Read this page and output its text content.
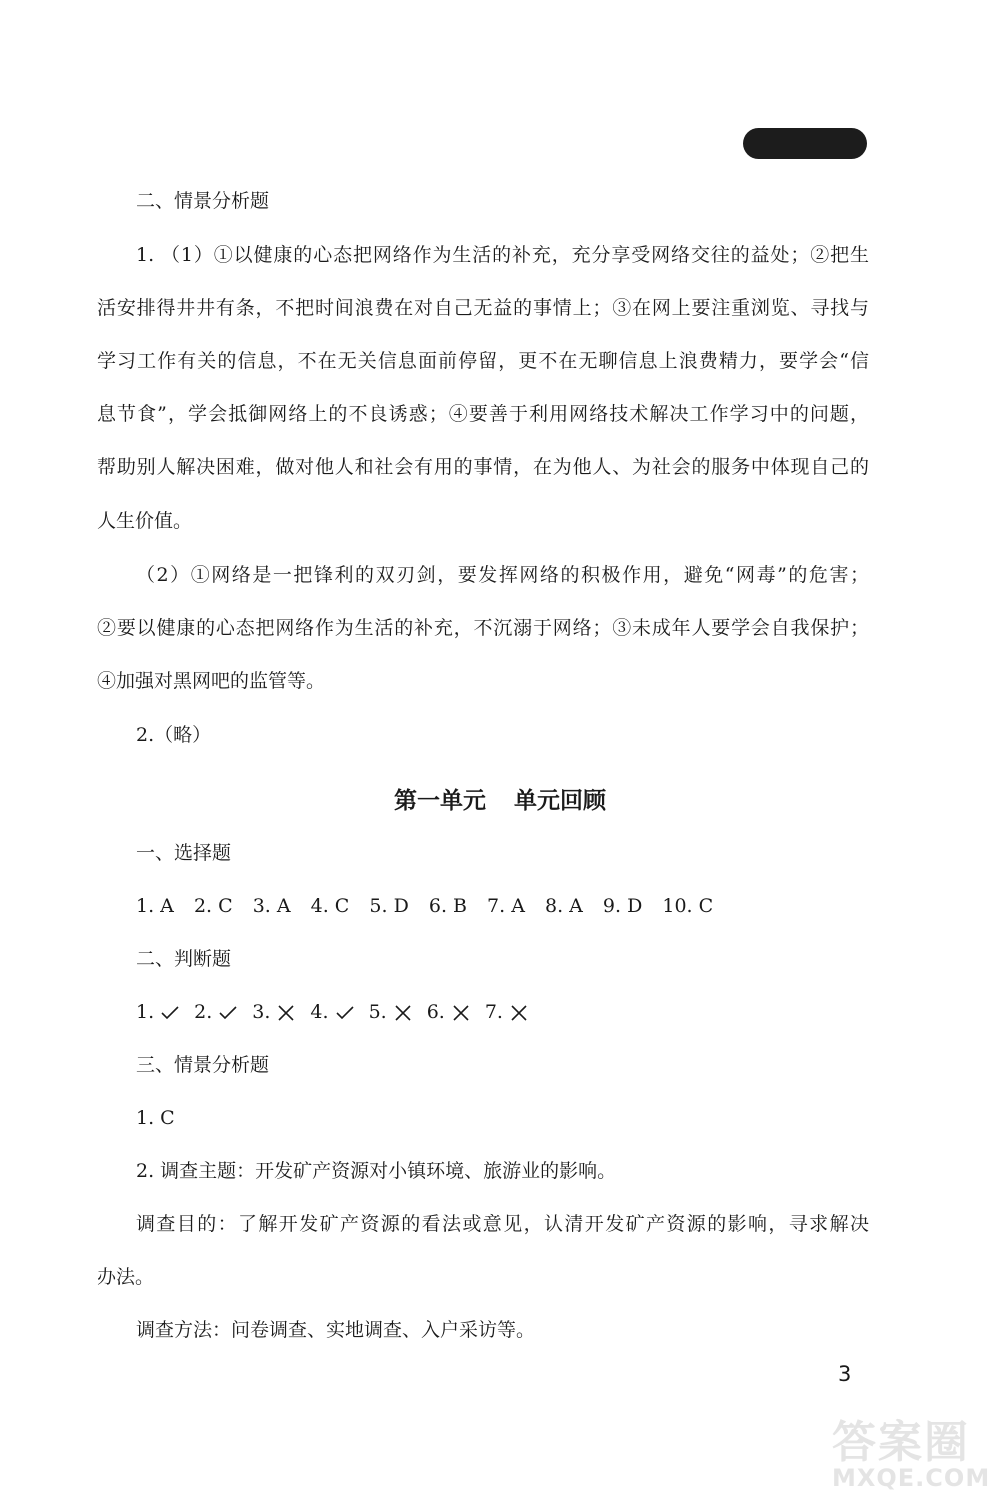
二、情景分析题
1. （1）①以健康的心态把网络作为生活的补充，充分享受网络交往的益处；②把生
活安排得井井有条，不把时间浪费在对自己无益的事情上；③在网上要注重浏览、寻找与
学习工作有关的信息，不在无关信息面前停留，更不在无聊信息上浪费精力，要学会“信
息节食”，学会抵御网络上的不良诱惑；④要善于利用网络技术解决工作学习中的问题，
帮助别人解决困难，做对他人和社会有用的事情，在为他人、为社会的服务中体现自己的
人生价值。
（2）①网络是一把锋利的双刃剑，要发挥网络的积极作用，避免“网毒”的危害；
②要以健康的心态把网络作为生活的补充，不沉溺于网络；③未成年人要学会自我保护；
④加强对黑网吧的监管等。
2.（略）
第一单元 单元回顾
一、选择题
1. A 2. C 3. A 4. C 5. D 6. B 7. A 8. A 9. D 10. C
二、判断题
1. 2. 3. 4. 5. 6. 7.
三、情景分析题
1. C
2. 调查主题：开发矿产资源对小镇环境、旅游业的影响。
调查目的：了解开发矿产资源的看法或意见，认清开发矿产资源的影响，寻求解决
办法。
调查方法：问卷调查、实地调查、入户采访等。
3
答案圈
MXQE.COM
